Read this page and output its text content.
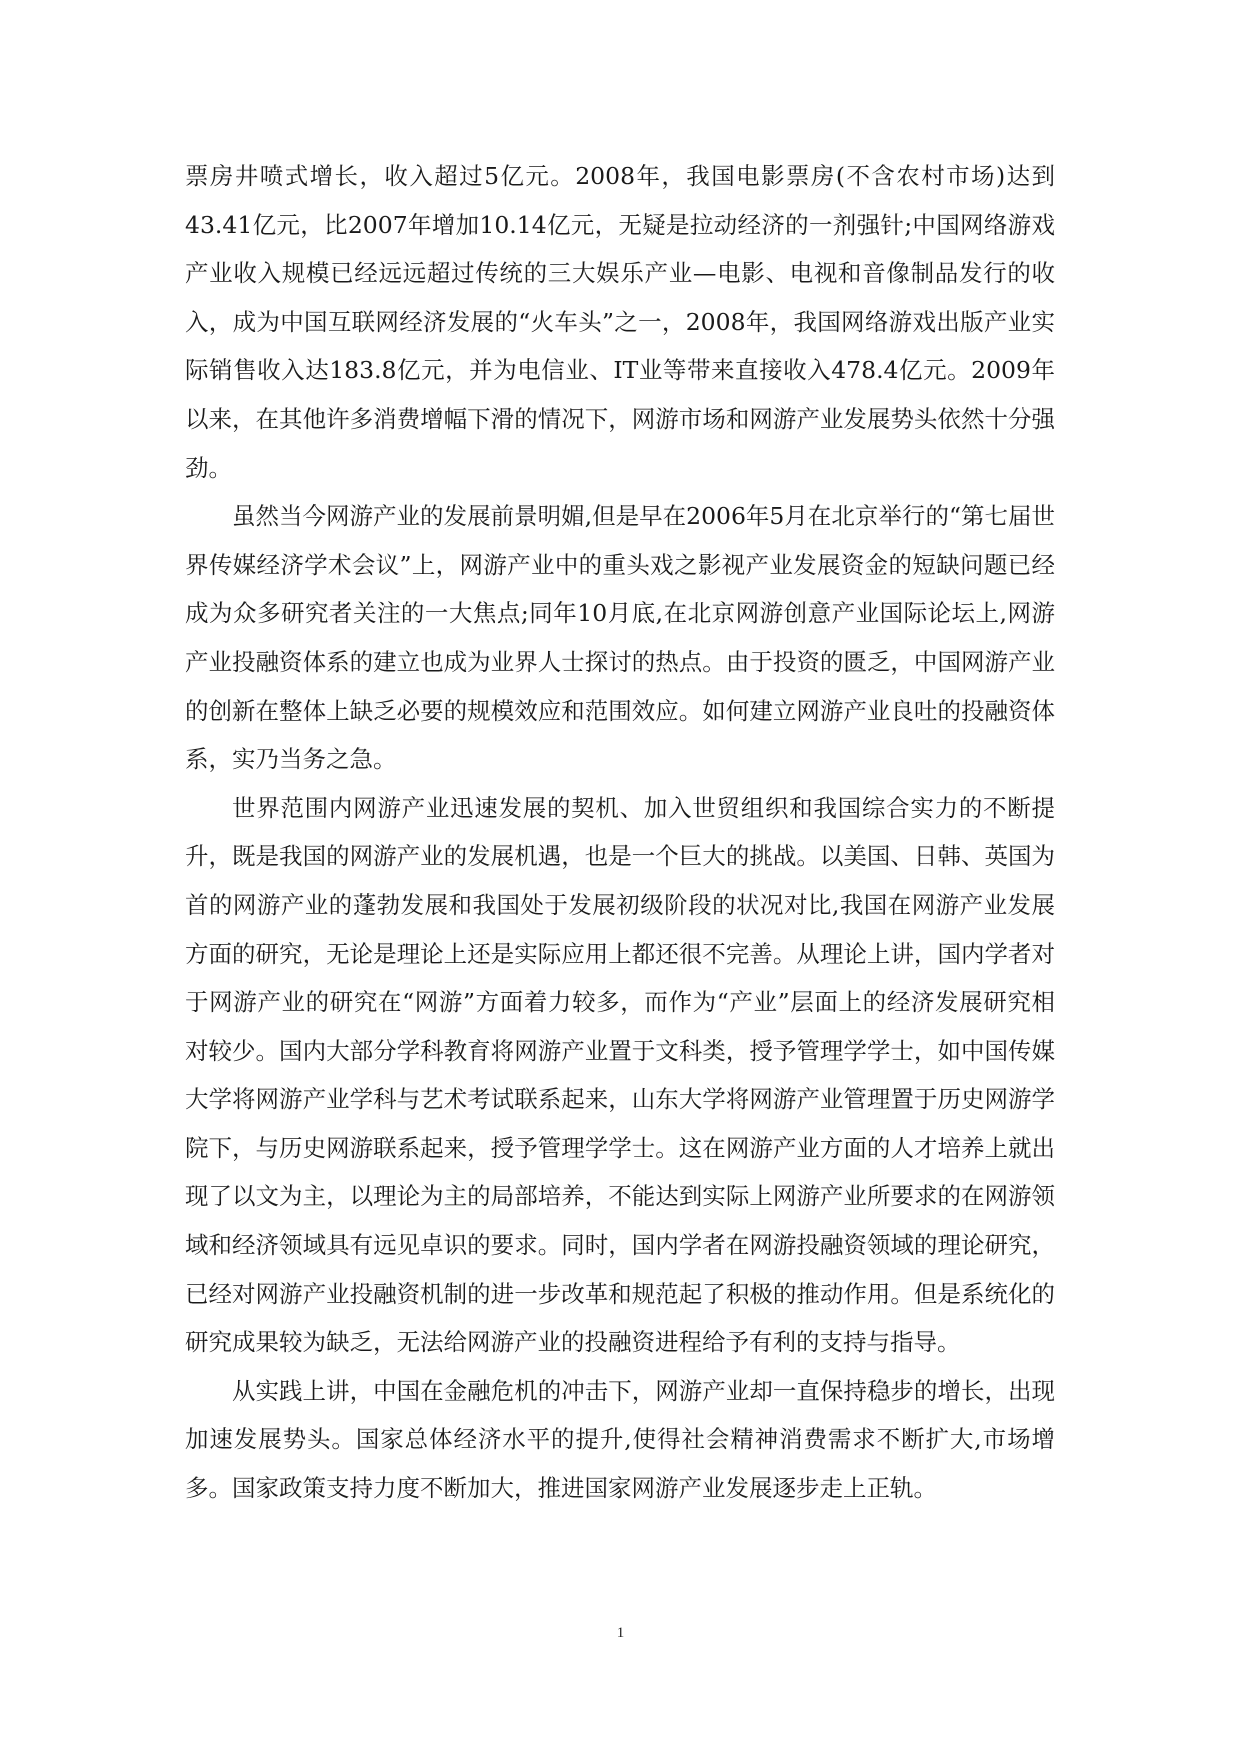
票房井喷式增长，收入超过5亿元。2008年，我国电影票房(不含农村市场)达到43.41亿元，比2007年增加10.14亿元，无疑是拉动经济的一剂强针;中国网络游戏产业收入规模已经远远超过传统的三大娱乐产业—电影、电视和音像制品发行的收入，成为中国互联网经济发展的“火车头”之一，2008年，我国网络游戏出版产业实际销售收入达183.8亿元，并为电信业、IT业等带来直接收入478.4亿元。2009年以来，在其他许多消费增幅下滑的情况下，网游市场和网游产业发展势头依然十分强劲。

虽然当今网游产业的发展前景明媚,但是早在2006年5月在北京举行的“第七届世界传媒经济学术会议”上，网游产业中的重头戏之影视产业发展资金的短缺问题已经成为众多研究者关注的一大焦点;同年10月底,在北京网游创意产业国际论坛上,网游产业投融资体系的建立也成为业界人士探讨的热点。由于投资的匮乏，中国网游产业的创新在整体上缺乏必要的规模效应和范围效应。如何建立网游产业良吐的投融资体系，实乃当务之急。

世界范围内网游产业迅速发展的契机、加入世贸组织和我国综合实力的不断提升，既是我国的网游产业的发展机遇，也是一个巨大的挑战。以美国、日韩、英国为首的网游产业的蓬勃发展和我国处于发展初级阶段的状况对比,我国在网游产业发展方面的研究，无论是理论上还是实际应用上都还很不完善。从理论上讲，国内学者对于网游产业的研究在“网游”方面着力较多，而作为“产业”层面上的经济发展研究相对较少。国内大部分学科教育将网游产业置于文科类，授予管理学学士，如中国传媒大学将网游产业学科与艺术考试联系起来，山东大学将网游产业管理置于历史网游学院下，与历史网游联系起来，授予管理学学士。这在网游产业方面的人才培养上就出现了以文为主，以理论为主的局部培养，不能达到实际上网游产业所要求的在网游领域和经济领域具有远见卓识的要求。同时，国内学者在网游投融资领域的理论研究，已经对网游产业投融资机制的进一步改革和规范起了积极的推动作用。但是系统化的研究成果较为缺乏，无法给网游产业的投融资进程给予有利的支持与指导。

从实践上讲，中国在金融危机的冲击下，网游产业却一直保持稳步的增长，出现加速发展势头。国家总体经济水平的提升,使得社会精神消费需求不断扩大,市场增多。国家政策支持力度不断加大，推进国家网游产业发展逐步走上正轨。

1
